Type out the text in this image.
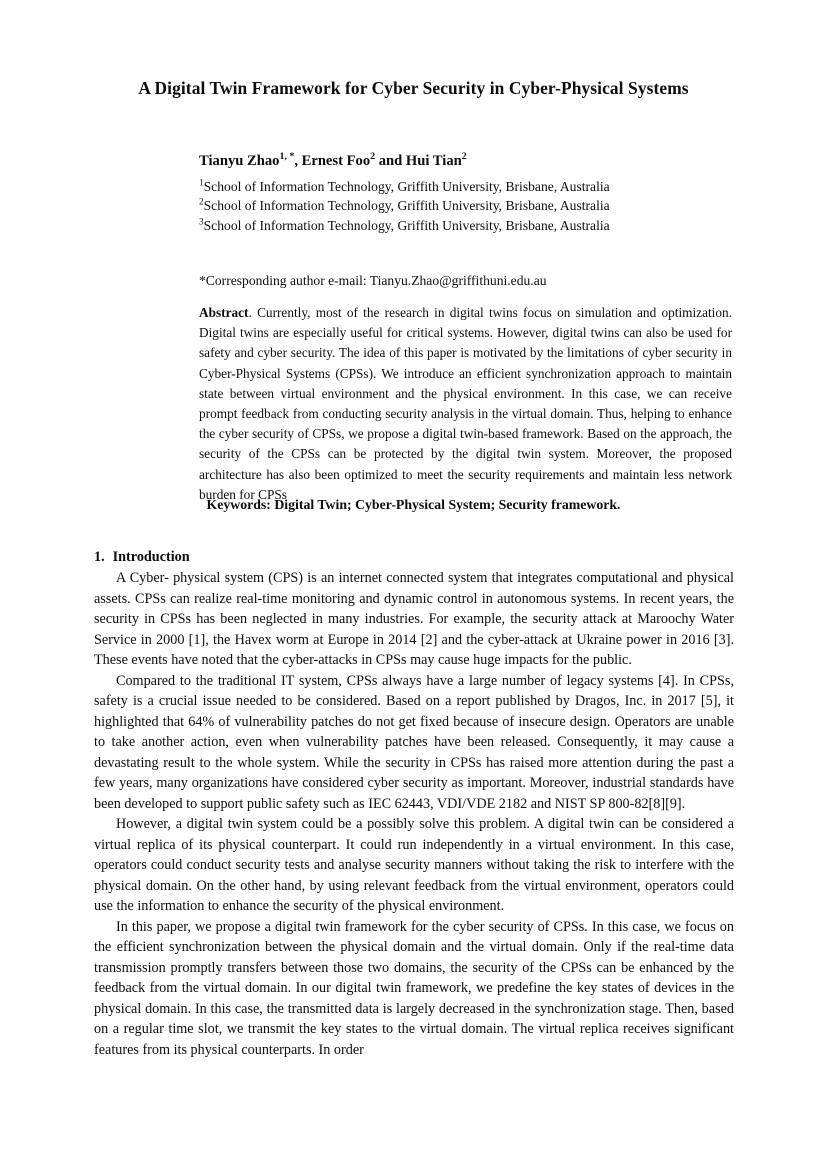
A Digital Twin Framework for Cyber Security in Cyber-Physical Systems
Tianyu Zhao$^{1, *}$, Ernest Foo$^2$ and Hui Tian$^2$
$^1$School of Information Technology, Griffith University, Brisbane, Australia
$^2$School of Information Technology, Griffith University, Brisbane, Australia
$^3$School of Information Technology, Griffith University, Brisbane, Australia
*Corresponding author e-mail: Tianyu.Zhao@griffithuni.edu.au
Abstract. Currently, most of the research in digital twins focus on simulation and optimization. Digital twins are especially useful for critical systems. However, digital twins can also be used for safety and cyber security. The idea of this paper is motivated by the limitations of cyber security in Cyber-Physical Systems (CPSs). We introduce an efficient synchronization approach to maintain state between virtual environment and the physical environment. In this case, we can receive prompt feedback from conducting security analysis in the virtual domain. Thus, helping to enhance the cyber security of CPSs, we propose a digital twin-based framework. Based on the approach, the security of the CPSs can be protected by the digital twin system. Moreover, the proposed architecture has also been optimized to meet the security requirements and maintain less network burden for CPSs
Keywords: Digital Twin; Cyber-Physical System; Security framework.
1. Introduction

A Cyber- physical system (CPS) is an internet connected system that integrates computational and physical assets. CPSs can realize real-time monitoring and dynamic control in autonomous systems. In recent years, the security in CPSs has been neglected in many industries. For example, the security attack at Maroochy Water Service in 2000 [1], the Havex worm at Europe in 2014 [2] and the cyber-attack at Ukraine power in 2016 [3]. These events have noted that the cyber-attacks in CPSs may cause huge impacts for the public.

Compared to the traditional IT system, CPSs always have a large number of legacy systems [4]. In CPSs, safety is a crucial issue needed to be considered. Based on a report published by Dragos, Inc. in 2017 [5], it highlighted that 64% of vulnerability patches do not get fixed because of insecure design. Operators are unable to take another action, even when vulnerability patches have been released. Consequently, it may cause a devastating result to the whole system. While the security in CPSs has raised more attention during the past a few years, many organizations have considered cyber security as important. Moreover, industrial standards have been developed to support public safety such as IEC 62443, VDI/VDE 2182 and NIST SP 800-82[8][9].

However, a digital twin system could be a possibly solve this problem. A digital twin can be considered a virtual replica of its physical counterpart. It could run independently in a virtual environment. In this case, operators could conduct security tests and analyse security manners without taking the risk to interfere with the physical domain. On the other hand, by using relevant feedback from the virtual environment, operators could use the information to enhance the security of the physical environment.

In this paper, we propose a digital twin framework for the cyber security of CPSs. In this case, we focus on the efficient synchronization between the physical domain and the virtual domain. Only if the real-time data transmission promptly transfers between those two domains, the security of the CPSs can be enhanced by the feedback from the virtual domain. In our digital twin framework, we predefine the key states of devices in the physical domain. In this case, the transmitted data is largely decreased in the synchronization stage. Then, based on a regular time slot, we transmit the key states to the virtual domain. The virtual replica receives significant features from its physical counterparts. In order
